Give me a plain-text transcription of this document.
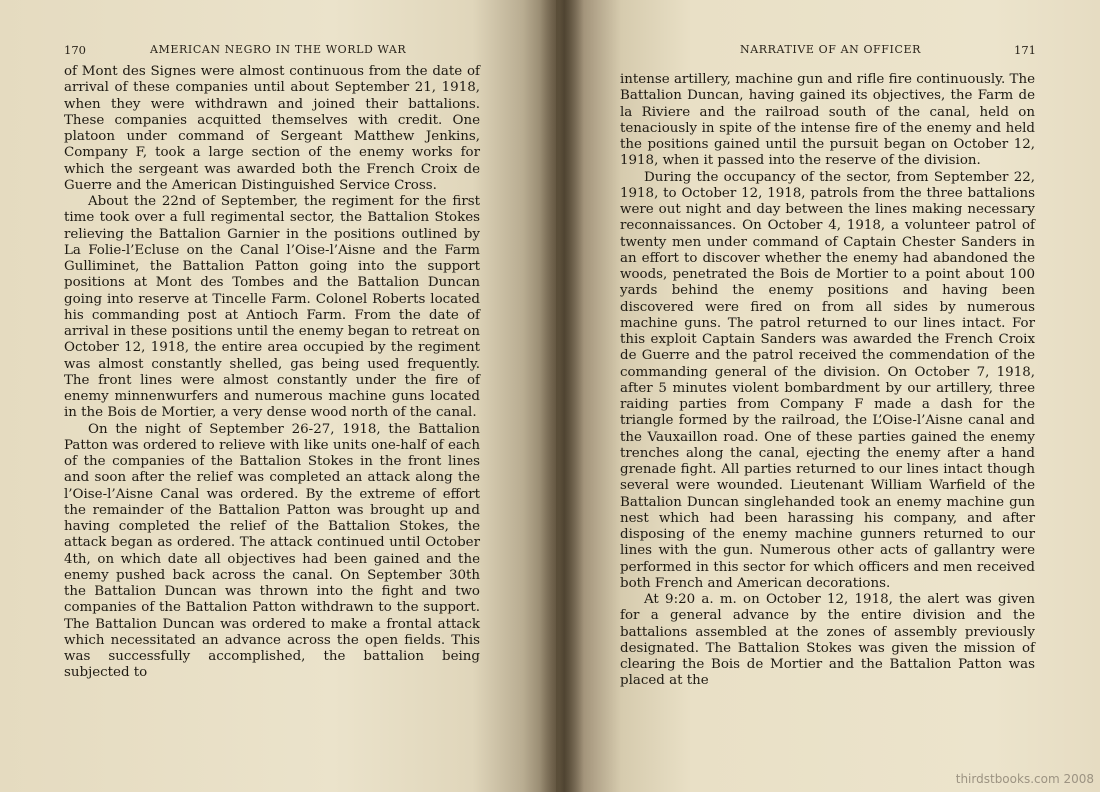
170	AMERICAN NEGRO IN THE WORLD WAR	NARRATIVE OF AN OFFICER	171

of Mont des Signes were almost continuous from the date of arrival of these companies until about September 21, 1918, when they were withdrawn and joined their battalions. These companies acquitted themselves with credit. One platoon under command of Sergeant Matthew Jenkins, Company F, took a large section of the enemy works for which the sergeant was awarded both the French Croix de Guerre and the American Distinguished Service Cross.

About the 22nd of September, the regiment for the first time took over a full regimental sector, the Battalion Stokes relieving the Battalion Garnier in the positions outlined by La Folie-l’Ecluse on the Canal l’Oise-l’Aisne and the Farm Gulliminet, the Battalion Patton going into the support positions at Mont des Tombes and the Battalion Duncan going into reserve at Tincelle Farm. Colonel Roberts located his commanding post at Antioch Farm. From the date of arrival in these positions until the enemy began to retreat on October 12, 1918, the entire area occupied by the regiment was almost constantly shelled, gas being used frequently. The front lines were almost constantly under the fire of enemy minnenwurfers and numerous machine guns located in the Bois de Mortier, a very dense wood north of the canal.

On the night of September 26-27, 1918, the Battalion Patton was ordered to relieve with like units one-half of each of the companies of the Battalion Stokes in the front lines and soon after the relief was completed an attack along the l’Oise-l’Aisne Canal was ordered. By the extreme of effort the remainder of the Battalion Patton was brought up and having completed the relief of the Battalion Stokes, the attack began as ordered. The attack continued until October 4th, on which date all objectives had been gained and the enemy pushed back across the canal. On September 30th the Battalion Duncan was thrown into the fight and two companies of the Battalion Patton withdrawn to the support. The Battalion Duncan was ordered to make a frontal attack which necessitated an advance across the open fields. This was successfully accomplished, the battalion being subjected to

intense artillery, machine gun and rifle fire continuously. The Battalion Duncan, having gained its objectives, the Farm de la Riviere and the railroad south of the canal, held on tenaciously in spite of the intense fire of the enemy and held the positions gained until the pursuit began on October 12, 1918, when it passed into the reserve of the division.

During the occupancy of the sector, from September 22, 1918, to October 12, 1918, patrols from the three battalions were out night and day between the lines making necessary reconnaissances. On October 4, 1918, a volunteer patrol of twenty men under command of Captain Chester Sanders in an effort to discover whether the enemy had abandoned the woods, penetrated the Bois de Mortier to a point about 100 yards behind the enemy positions and having been discovered were fired on from all sides by numerous machine guns. The patrol returned to our lines intact. For this exploit Captain Sanders was awarded the French Croix de Guerre and the patrol received the commendation of the commanding general of the division. On October 7, 1918, after 5 minutes violent bombardment by our artillery, three raiding parties from Company F made a dash for the triangle formed by the railroad, the L’Oise-l’Aisne canal and the Vauxaillon road. One of these parties gained the enemy trenches along the canal, ejecting the enemy after a hand grenade fight. All parties returned to our lines intact though several were wounded. Lieutenant William Warfield of the Battalion Duncan singlehanded took an enemy machine gun nest which had been harassing his company, and after disposing of the enemy machine gunners returned to our lines with the gun. Numerous other acts of gallantry were performed in this sector for which officers and men received both French and American decorations.

At 9:20 a. m. on October 12, 1918, the alert was given for a general advance by the entire division and the battalions assembled at the zones of assembly previously designated. The Battalion Stokes was given the mission of clearing the Bois de Mortier and the Battalion Patton was placed at the

thirdstbooks.com 2008
